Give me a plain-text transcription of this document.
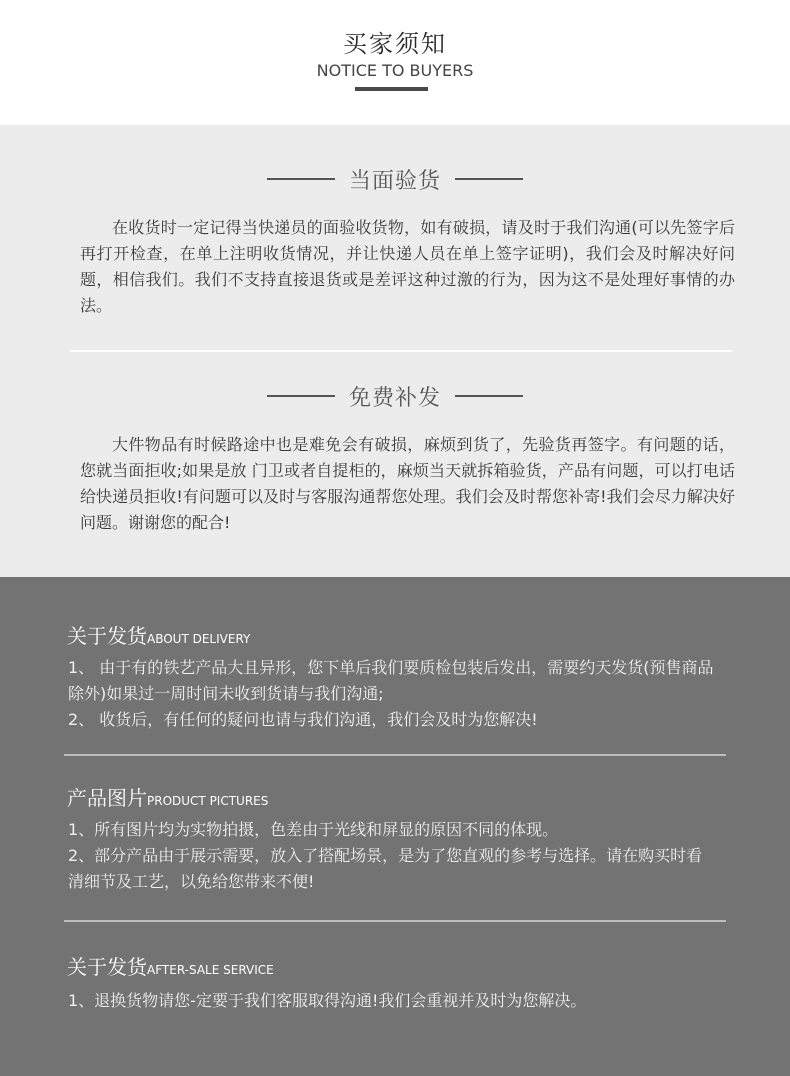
买家须知
NOTICE TO BUYERS
当面验货
在收货时一定记得当快递员的面验收货物，如有破损，请及时于我们沟通(可以先签字后再打开检查，在单上注明收货情况，并让快递人员在单上签字证明)，我们会及时解决好问题，相信我们。我们不支持直接退货或是差评这种过激的行为，因为这不是处理好事情的办法。
免费补发
大件物品有时候路途中也是难免会有破损，麻烦到货了，先验货再签字。有问题的话，您就当面拒收;如果是放 门卫或者自提柜的，麻烦当天就拆箱验货，产品有问题，可以打电话给快递员拒收!有问题可以及时与客服沟通帮您处理。我们会及时帮您补寄!我们会尽力解决好问题。谢谢您的配合!
关于发货ABOUT DELIVERY
1、 由于有的铁艺产品大且异形，您下单后我们要质检包装后发出，需要约天发货(预售商品除外)如果过一周时间未收到货请与我们沟通;
2、 收货后，有任何的疑问也请与我们沟通，我们会及时为您解决!
产品图片PRODUCT PICTURES
1、所有图片均为实物拍摄，色差由于光线和屏显的原因不同的体现。
2、部分产品由于展示需要，放入了搭配场景，是为了您直观的参考与选择。请在购买时看清细节及工艺，以免给您带来不便!
关于发货AFTER-SALE SERVICE
1、退换货物请您-定要于我们客服取得沟通!我们会重视并及时为您解决。
